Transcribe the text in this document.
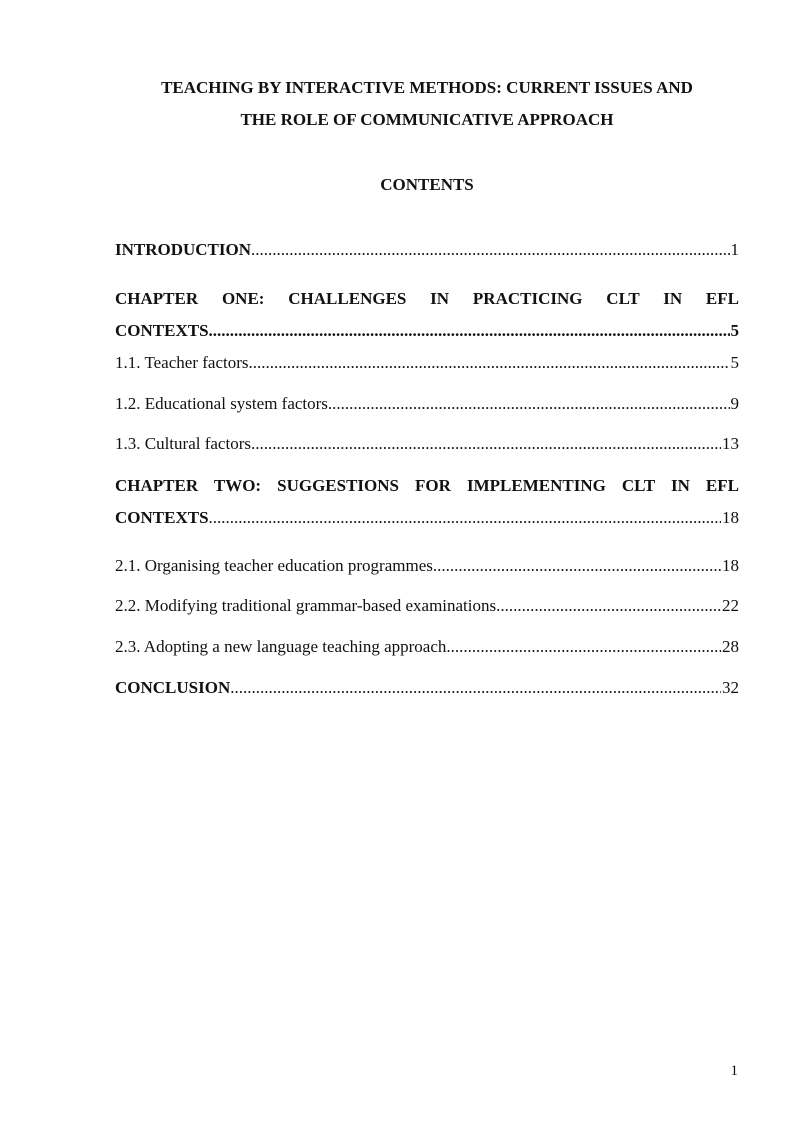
TEACHING BY INTERACTIVE METHODS: CURRENT ISSUES AND
THE ROLE OF COMMUNICATIVE APPROACH
CONTENTS
INTRODUCTION .....	1
CHAPTER ONE: CHALLENGES IN PRACTICING CLT IN EFL
CONTEXTS .....	5
1.1. Teacher factors .....	5
1.2. Educational system factors .....	9
1.3. Cultural factors .....	13
CHAPTER TWO: SUGGESTIONS FOR IMPLEMENTING CLT IN EFL
CONTEXTS .....	18
2.1. Organising teacher education programmes .....	18
2.2. Modifying traditional grammar-based examinations .....	22
2.3. Adopting a new language teaching approach .....	28
CONCLUSION .....	32

1
